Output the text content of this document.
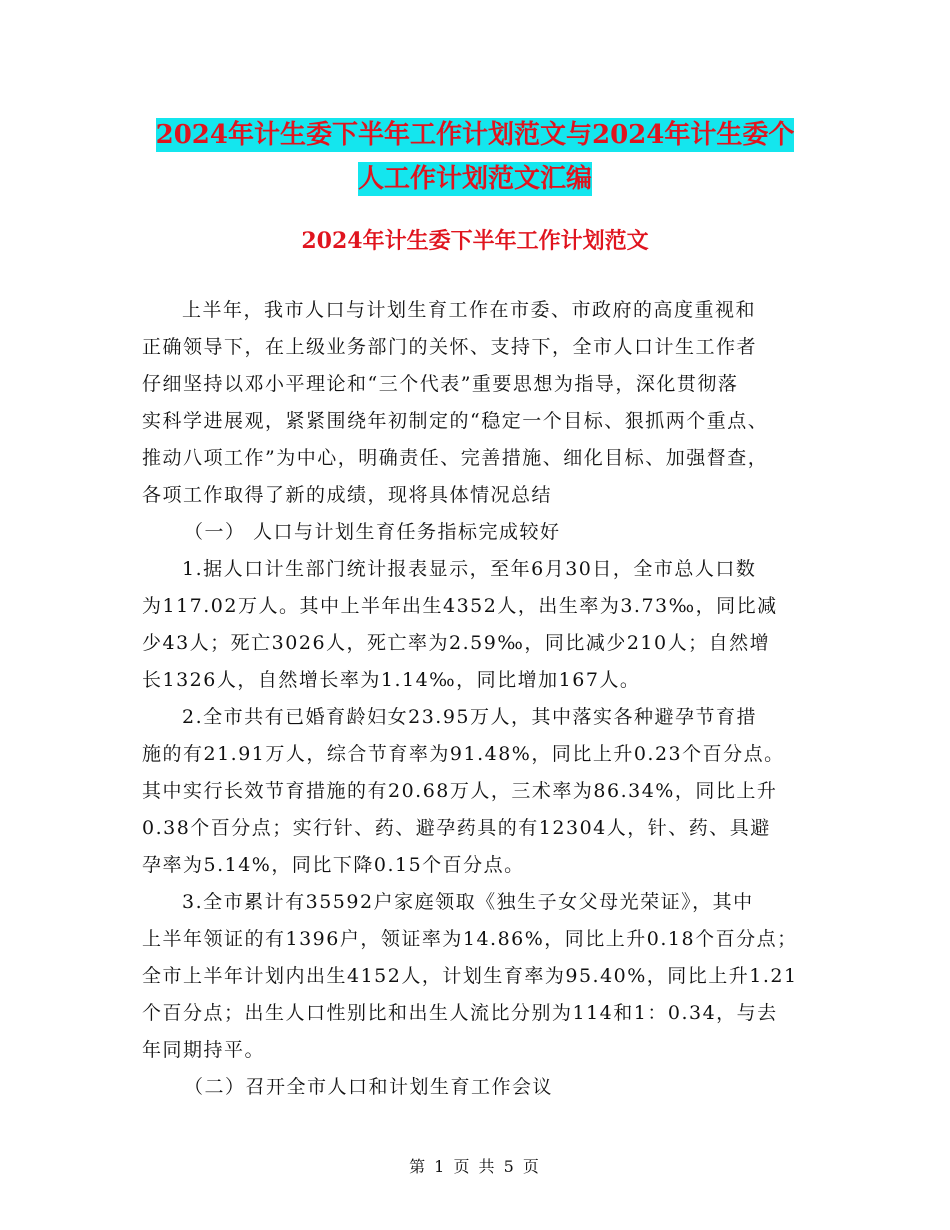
2024年计生委下半年工作计划范文与2024年计生委个
人工作计划范文汇编
2024年计生委下半年工作计划范文
上半年，我市人口与计划生育工作在市委、市政府的高度重视和
正确领导下，在上级业务部门的关怀、支持下，全市人口计生工作者
仔细坚持以邓小平理论和“三个代表”重要思想为指导，深化贯彻落
实科学进展观，紧紧围绕年初制定的“稳定一个目标、狠抓两个重点、
推动八项工作”为中心，明确责任、完善措施、细化目标、加强督查，
各项工作取得了新的成绩，现将具体情况总结
（一） 人口与计划生育任务指标完成较好
1.据人口计生部门统计报表显示，至年6月30日，全市总人口数
为117.02万人。其中上半年出生4352人，出生率为3.73‰，同比减
少43人；死亡3026人，死亡率为2.59‰，同比减少210人；自然增
长1326人，自然增长率为1.14‰，同比增加167人。
2.全市共有已婚育龄妇女23.95万人，其中落实各种避孕节育措
施的有21.91万人，综合节育率为91.48%，同比上升0.23个百分点。
其中实行长效节育措施的有20.68万人，三术率为86.34%，同比上升
0.38个百分点；实行针、药、避孕药具的有12304人，针、药、具避
孕率为5.14%，同比下降0.15个百分点。
3.全市累计有35592户家庭领取《独生子女父母光荣证》，其中
上半年领证的有1396户，领证率为14.86%，同比上升0.18个百分点；
全市上半年计划内出生4152人，计划生育率为95.40%，同比上升1.21
个百分点；出生人口性别比和出生人流比分别为114和1：0.34，与去
年同期持平。
（二）召开全市人口和计划生育工作会议
第 1 页 共 5 页
